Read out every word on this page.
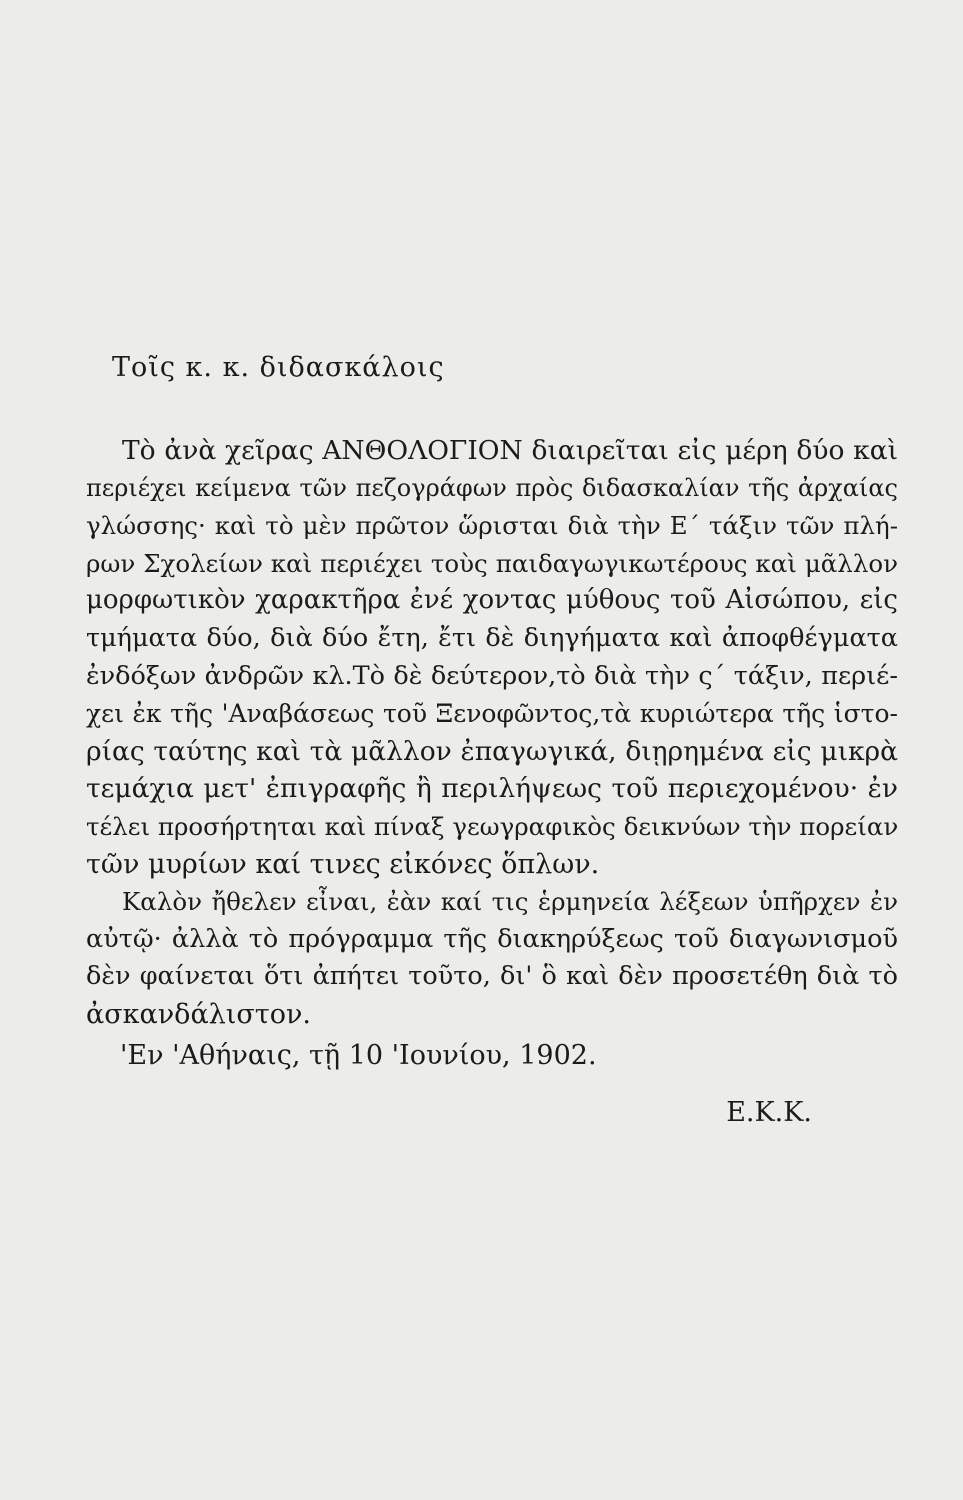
Τοῖς κ. κ. διδασκάλοις
Τὸ ἀνὰ χεῖρας ΑΝΘΟΛΟΓΙΟΝ διαιρεῖται εἰς μέρη δύο καὶ
περιέχει κείμενα τῶν πεζογράφων πρὸς διδασκαλίαν τῆς ἀρχαίας
γλώσσης· καὶ τὸ μὲν πρῶτον ὥρισται διὰ τὴν Ε΄ τάξιν τῶν πλή-
ρων Σχολείων καὶ περιέχει τοὺς παιδαγωγικωτέρους καὶ μᾶλλον
μορφωτικὸν χαρακτῆρα ἐνέ χοντας μύθους τοῦ Αἰσώπου, εἰς
τμήματα δύο, διὰ δύο ἔτη, ἔτι δὲ διηγήματα καὶ ἀποφθέγματα
ἐνδόξων ἀνδρῶν κλ.Τὸ δὲ δεύτερον,τὸ διὰ τὴν ς΄ τάξιν, περιέ-
χει ἐκ τῆς 'Αναβάσεως τοῦ Ξενοφῶντος,τὰ κυριώτερα τῆς ἱστο-
ρίας ταύτης καὶ τὰ μᾶλλον ἐπαγωγικά, διῃρημένα εἰς μικρὰ
τεμάχια μετ' ἐπιγραφῆς ἢ περιλήψεως τοῦ περιεχομένου· ἐν
τέλει προσήρτηται καὶ πίναξ γεωγραφικὸς δεικνύων τὴν πορείαν
τῶν μυρίων καί τινες εἰκόνες ὅπλων.
Καλὸν ἤθελεν εἶναι, ἐὰν καί τις ἑρμηνεία λέξεων ὑπῆρχεν ἐν
αὐτῷ· ἀλλὰ τὸ πρόγραμμα τῆς διακηρύξεως τοῦ διαγωνισμοῦ
δὲν φαίνεται ὅτι ἀπήτει τοῦτο, δι' ὃ καὶ δὲν προσετέθη διὰ τὸ
ἀσκανδάλιστον.
'Εν 'Αθήναις, τῇ 10 'Ιουνίου, 1902.
Ε.Κ.Κ.
